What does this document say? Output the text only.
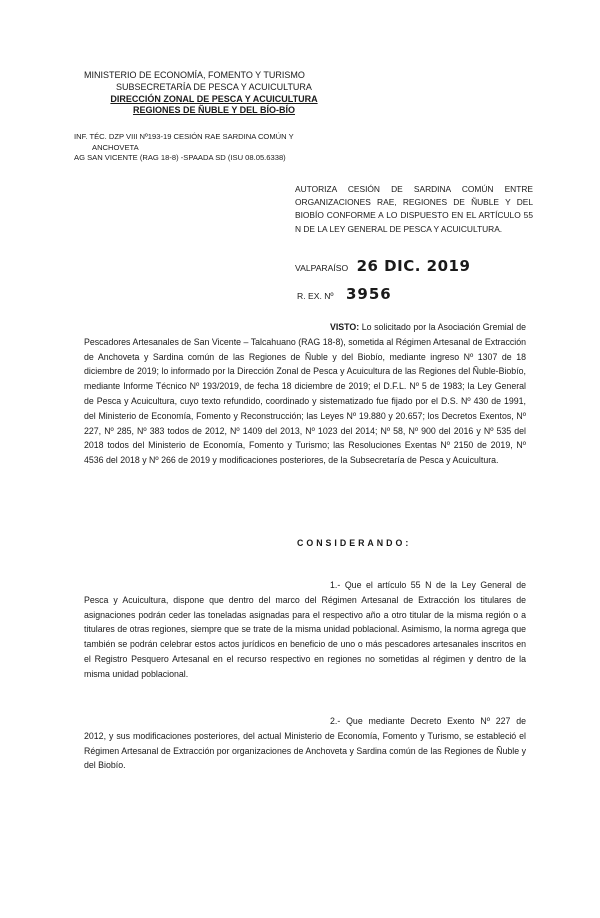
MINISTERIO DE ECONOMÍA, FOMENTO Y TURISMO
SUBSECRETARÍA DE PESCA Y ACUICULTURA
DIRECCIÓN ZONAL DE PESCA Y ACUICULTURA
REGIONES DE ÑUBLE Y DEL BÍO-BÍO
INF. TÉC. DZP VIII Nº193-19 CESIÓN RAE SARDINA COMÚN Y
ANCHOVETA
AG SAN VICENTE (RAG 18-8) -SPAADA SD (ISU 08.05.6338)
AUTORIZA CESIÓN DE SARDINA COMÚN ENTRE ORGANIZACIONES RAE, REGIONES DE ÑUBLE Y DEL BIOBÍO CONFORME A LO DISPUESTO EN EL ARTÍCULO 55 N DE LA LEY GENERAL DE PESCA Y ACUICULTURA.
VALPARAÍSO 26 DIC. 2019
R. EX. Nº 3956
VISTO: Lo solicitado por la Asociación Gremial de Pescadores Artesanales de San Vicente – Talcahuano (RAG 18-8), sometida al Régimen Artesanal de Extracción de Anchoveta y Sardina común de las Regiones de Ñuble y del Biobío, mediante ingreso Nº 1307 de 18 diciembre de 2019; lo informado por la Dirección Zonal de Pesca y Acuicultura de las Regiones del Ñuble-Biobío, mediante Informe Técnico Nº 193/2019, de fecha 18 diciembre de 2019; el D.F.L. Nº 5 de 1983; la Ley General de Pesca y Acuicultura, cuyo texto refundido, coordinado y sistematizado fue fijado por el D.S. Nº 430 de 1991, del Ministerio de Economía, Fomento y Reconstrucción; las Leyes Nº 19.880 y 20.657; los Decretos Exentos, Nº 227, Nº 285, Nº 383 todos de 2012, Nº 1409 del 2013, Nº 1023 del 2014; Nº 58, Nº 900 del 2016 y Nº 535 del 2018 todos del Ministerio de Economía, Fomento y Turismo; las Resoluciones Exentas Nº 2150 de 2019, Nº 4536 del 2018 y Nº 266 de 2019 y modificaciones posteriores, de la Subsecretaría de Pesca y Acuicultura.
CONSIDERANDO:
1.- Que el artículo 55 N de la Ley General de Pesca y Acuicultura, dispone que dentro del marco del Régimen Artesanal de Extracción los titulares de asignaciones podrán ceder las toneladas asignadas para el respectivo año a otro titular de la misma región o a titulares de otras regiones, siempre que se trate de la misma unidad poblacional. Asimismo, la norma agrega que también se podrán celebrar estos actos jurídicos en beneficio de uno o más pescadores artesanales inscritos en el Registro Pesquero Artesanal en el recurso respectivo en regiones no sometidas al régimen y dentro de la misma unidad poblacional.
2.- Que mediante Decreto Exento Nº 227 de 2012, y sus modificaciones posteriores, del actual Ministerio de Economía, Fomento y Turismo, se estableció el Régimen Artesanal de Extracción por organizaciones de Anchoveta y Sardina común de las Regiones de Ñuble y del Biobío.
